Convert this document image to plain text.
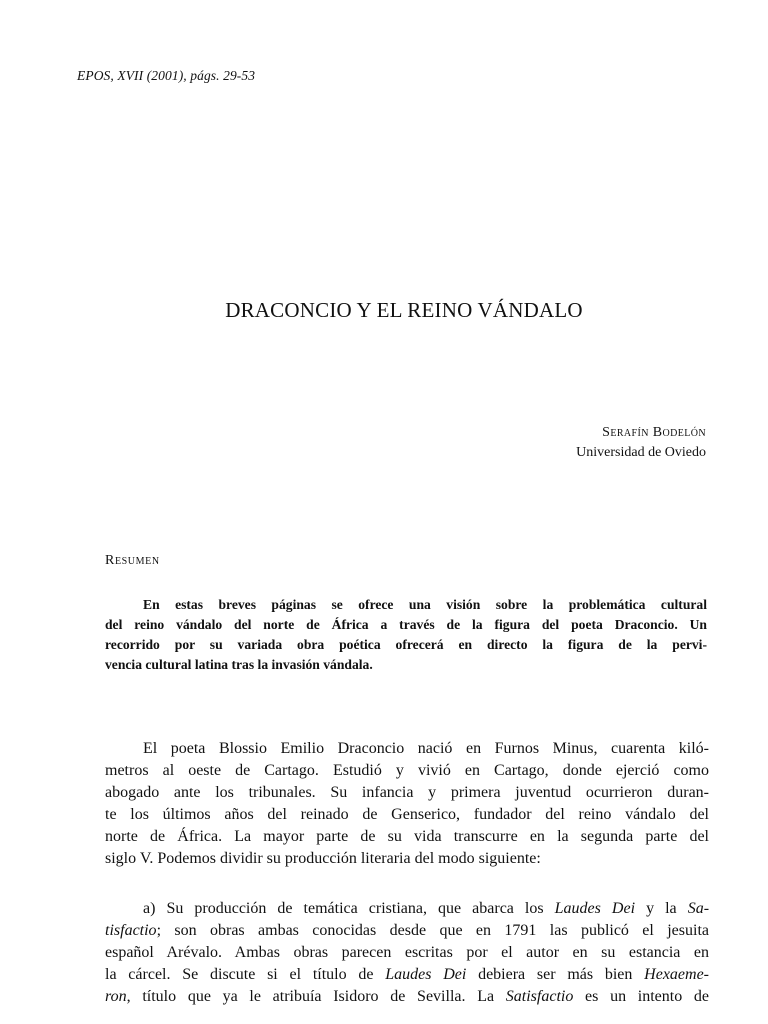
EPOS, XVII (2001), págs. 29-53
DRACONCIO Y EL REINO VÁNDALO
Serafín Bodelón
Universidad de Oviedo
Resumen
En estas breves páginas se ofrece una visión sobre la problemática cultural
del reino vándalo del norte de África a través de la figura del poeta Draconcio. Un
recorrido por su variada obra poética ofrecerá en directo la figura de la pervi-
vencia cultural latina tras la invasión vándala.
El poeta Blossio Emilio Draconcio nació en Furnos Minus, cuarenta kiló-
metros al oeste de Cartago. Estudió y vivió en Cartago, donde ejerció como
abogado ante los tribunales. Su infancia y primera juventud ocurrieron duran-
te los últimos años del reinado de Genserico, fundador del reino vándalo del
norte de África. La mayor parte de su vida transcurre en la segunda parte del
siglo V. Podemos dividir su producción literaria del modo siguiente:
a) Su producción de temática cristiana, que abarca los Laudes Dei y la Sa-
tisfactio; son obras ambas conocidas desde que en 1791 las publicó el jesuita
español Arévalo. Ambas obras parecen escritas por el autor en su estancia en
la cárcel. Se discute si el título de Laudes Dei debiera ser más bien Hexaeme-
ron, título que ya le atribuía Isidoro de Sevilla. La Satisfactio es un intento de
